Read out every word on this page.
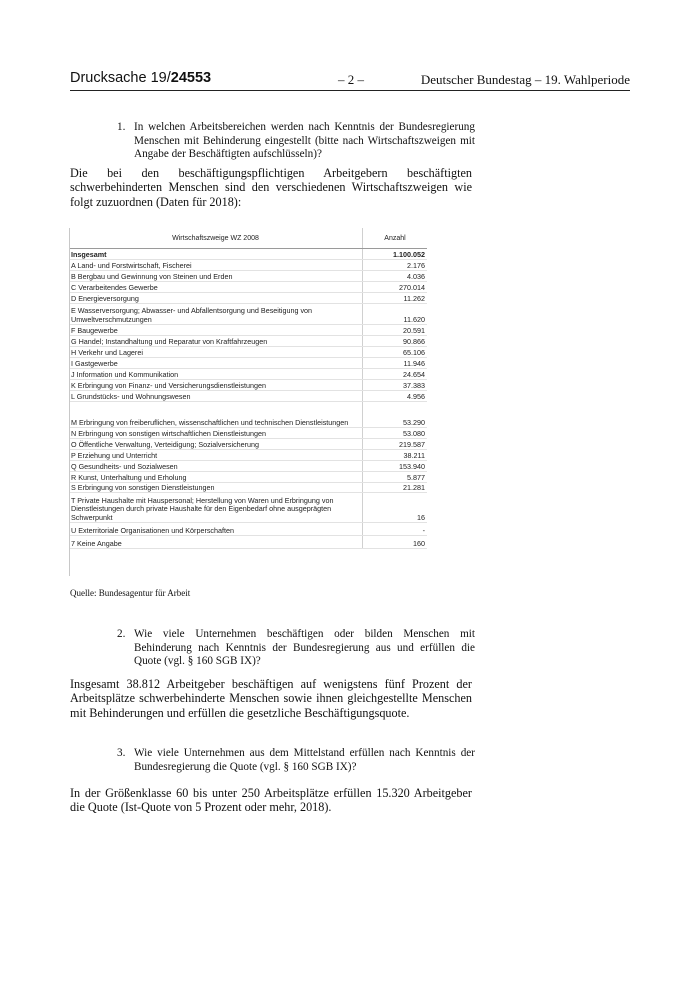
Drucksache 19/24553	– 2 –	Deutscher Bundestag – 19. Wahlperiode
1. In welchen Arbeitsbereichen werden nach Kenntnis der Bundesregierung Menschen mit Behinderung eingestellt (bitte nach Wirtschaftszweigen mit Angabe der Beschäftigten aufschlüsseln)?
Die bei den beschäftigungspflichtigen Arbeitgebern beschäftigten schwerbehinderten Menschen sind den verschiedenen Wirtschaftszweigen wie folgt zuzuordnen (Daten für 2018):
Wirtschaftszweige WZ 2008	Anzahl
Insgesamt	1.100.052
A Land- und Forstwirtschaft, Fischerei	2.176
B Bergbau und Gewinnung von Steinen und Erden	4.036
C Verarbeitendes Gewerbe	270.014
D Energieversorgung	11.262
E Wasserversorgung; Abwasser- und Abfallentsorgung und Beseitigung von Umweltverschmutzungen	11.620
F Baugewerbe	20.591
G Handel; Instandhaltung und Reparatur von Kraftfahrzeugen	90.866
H Verkehr und Lagerei	65.106
I Gastgewerbe	11.946
J Information und Kommunikation	24.654
K Erbringung von Finanz- und Versicherungsdienstleistungen	37.383
L Grundstücks- und Wohnungswesen	4.956
M Erbringung von freiberuflichen, wissenschaftlichen und technischen Dienstleistungen	53.290
N Erbringung von sonstigen wirtschaftlichen Dienstleistungen	53.080
O Öffentliche Verwaltung, Verteidigung; Sozialversicherung	219.587
P Erziehung und Unterricht	38.211
Q Gesundheits- und Sozialwesen	153.940
R Kunst, Unterhaltung und Erholung	5.877
S Erbringung von sonstigen Dienstleistungen	21.281
T Private Haushalte mit Hauspersonal; Herstellung von Waren und Erbringung von Dienstleistungen durch private Haushalte für den Eigenbedarf ohne ausgeprägten Schwerpunkt	16
U Exterritoriale Organisationen und Körperschaften	-
7 Keine Angabe	160
Quelle: Bundesagentur für Arbeit
2. Wie viele Unternehmen beschäftigen oder bilden Menschen mit Behinderung nach Kenntnis der Bundesregierung aus und erfüllen die Quote (vgl. § 160 SGB IX)?
Insgesamt 38.812 Arbeitgeber beschäftigen auf wenigstens fünf Prozent der Arbeitsplätze schwerbehinderte Menschen sowie ihnen gleichgestellte Menschen mit Behinderungen und erfüllen die gesetzliche Beschäftigungsquote.
3. Wie viele Unternehmen aus dem Mittelstand erfüllen nach Kenntnis der Bundesregierung die Quote (vgl. § 160 SGB IX)?
In der Größenklasse 60 bis unter 250 Arbeitsplätze erfüllen 15.320 Arbeitgeber die Quote (Ist-Quote von 5 Prozent oder mehr, 2018).
